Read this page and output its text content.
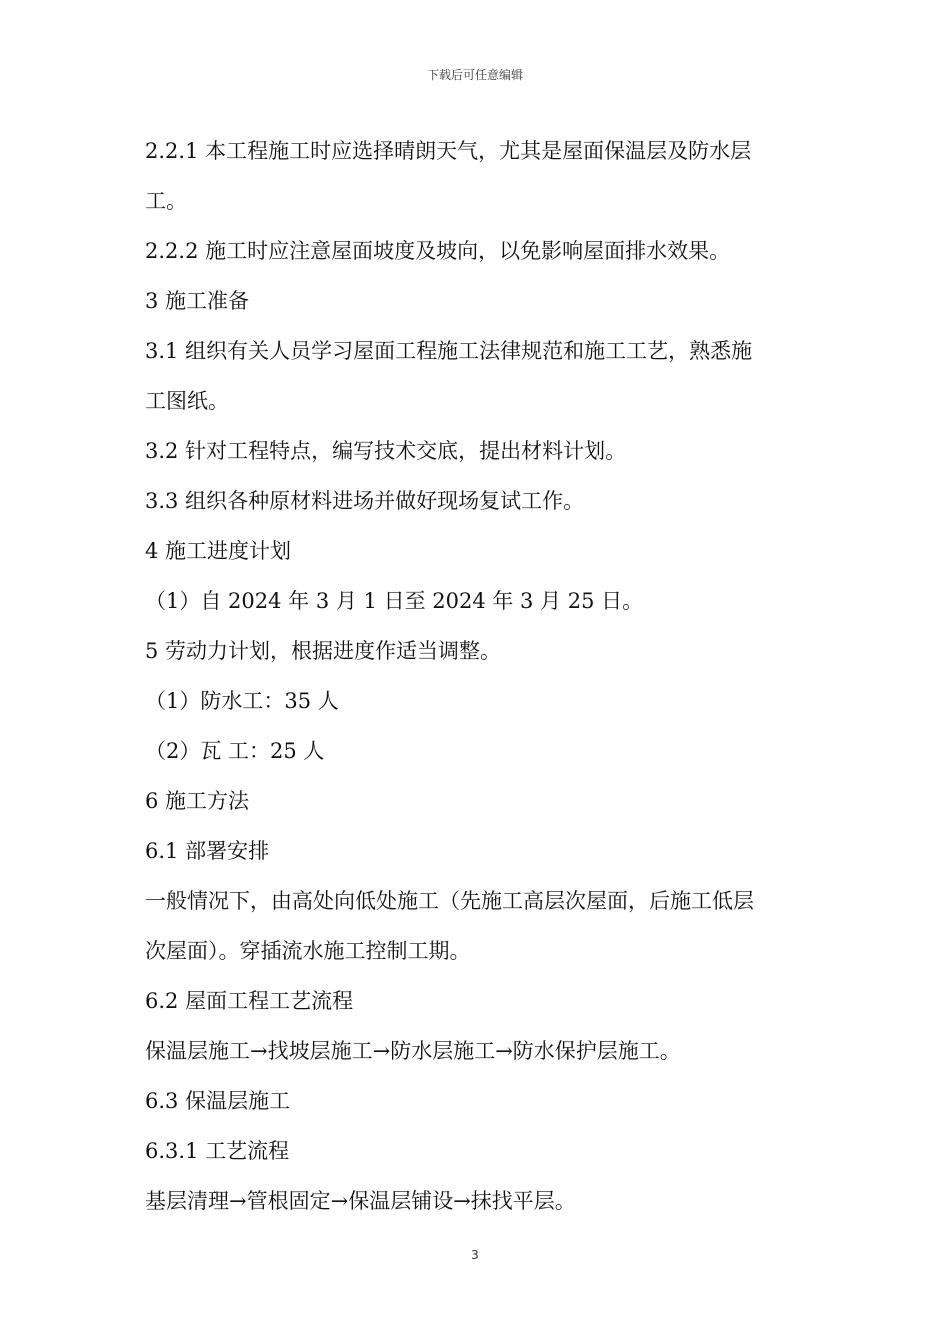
下载后可任意编辑
2.2.1 本工程施工时应选择晴朗天气，尤其是屋面保温层及防水层
工。
2.2.2 施工时应注意屋面坡度及坡向，以免影响屋面排水效果。
3 施工准备
3.1 组织有关人员学习屋面工程施工法律规范和施工工艺，熟悉施
工图纸。
3.2 针对工程特点，编写技术交底，提出材料计划。
3.3 组织各种原材料进场并做好现场复试工作。
4 施工进度计划
（1）自 2024 年 3 月 1 日至 2024 年 3 月 25 日。
5 劳动力计划，根据进度作适当调整。
（1）防水工：35 人
（2）瓦 工：25 人
6 施工方法
6.1 部署安排
一般情况下，由高处向低处施工（先施工高层次屋面，后施工低层
次屋面）。穿插流水施工控制工期。
6.2 屋面工程工艺流程
保温层施工→找坡层施工→防水层施工→防水保护层施工。
6.3 保温层施工
6.3.1 工艺流程
基层清理→管根固定→保温层铺设→抹找平层。
3
